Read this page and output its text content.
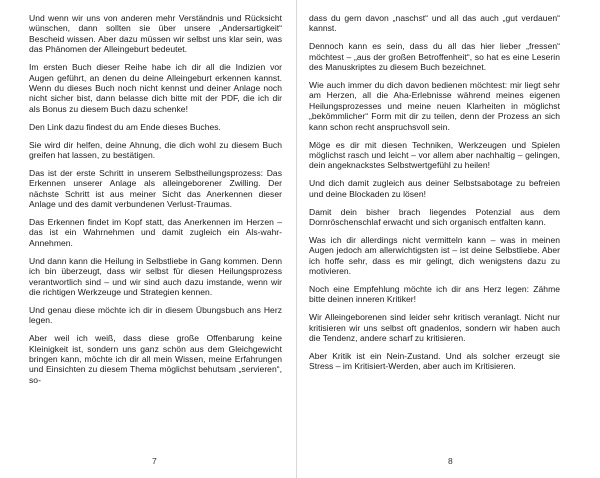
Und wenn wir uns von anderen mehr Verständnis und Rücksicht wünschen, dann sollten sie über unsere „Andersartigkeit“ Bescheid wissen. Aber dazu müssen wir selbst uns klar sein, was das Phänomen der Alleingeburt bedeutet.

Im ersten Buch dieser Reihe habe ich dir all die Indizien vor Augen geführt, an denen du deine Alleingeburt erkennen kannst. Wenn du dieses Buch noch nicht kennst und deiner Anlage noch nicht sicher bist, dann belasse dich bitte mit der PDF, die ich dir als Bonus zu diesem Buch dazu schenke!

Den Link dazu findest du am Ende dieses Buches.

Sie wird dir helfen, deine Ahnung, die dich wohl zu diesem Buch greifen hat lassen, zu bestätigen.

Das ist der erste Schritt in unserem Selbstheilungsprozess: Das Erkennen unserer Anlage als alleingeborener Zwilling. Der nächste Schritt ist aus meiner Sicht das Anerkennen dieser Anlage und des damit verbundenen Verlust-Traumas.

Das Erkennen findet im Kopf statt, das Anerkennen im Herzen – das ist ein Wahrnehmen und damit zugleich ein Als-wahr-Annehmen.

Und dann kann die Heilung in Selbstliebe in Gang kommen. Denn ich bin überzeugt, dass wir selbst für diesen Heilungsprozess verantwortlich sind – und wir sind auch dazu imstande, wenn wir die richtigen Werkzeuge und Strategien kennen.

Und genau diese möchte ich dir in diesem Übungsbuch ans Herz legen.

Aber weil ich weiß, dass diese große Offenbarung keine Kleinigkeit ist, sondern uns ganz schön aus dem Gleichgewicht bringen kann, möchte ich dir all mein Wissen, meine Erfahrungen und Einsichten zu diesem Thema möglichst behutsam „servieren“, so-

7

dass du gern davon „naschst“ und all das auch „gut verdauen“ kannst.

Dennoch kann es sein, dass du all das hier lieber „fressen“ möchtest – „aus der großen Betroffenheit“, so hat es eine Leserin des Manuskriptes zu diesem Buch bezeichnet.

Wie auch immer du dich davon bedienen möchtest: mir liegt sehr am Herzen, all die Aha-Erlebnisse während meines eigenen Heilungsprozesses und meine neuen Klarheiten in möglichst „bekömmlicher“ Form mit dir zu teilen, denn der Prozess an sich kann schon recht anspruchsvoll sein.

Möge es dir mit diesen Techniken, Werkzeugen und Spielen möglichst rasch und leicht – vor allem aber nachhaltig – gelingen, dein angeknackstes Selbstwertgefühl zu heilen!

Und dich damit zugleich aus deiner Selbstsabotage zu befreien und deine Blockaden zu lösen!

Damit dein bisher brach liegendes Potenzial aus dem Dornröschenschlaf erwacht und sich organisch entfalten kann.

Was ich dir allerdings nicht vermitteln kann – was in meinen Augen jedoch am allerwichtigsten ist – ist deine Selbstliebe. Aber ich hoffe sehr, dass es mir gelingt, dich wenigstens dazu zu motivieren.

Noch eine Empfehlung möchte ich dir ans Herz legen: Zähme bitte deinen inneren Kritiker!

Wir Alleingeborenen sind leider sehr kritisch veranlagt. Nicht nur kritisieren wir uns selbst oft gnadenlos, sondern wir haben auch die Tendenz, andere scharf zu kritisieren.

Aber Kritik ist ein Nein-Zustand. Und als solcher erzeugt sie Stress – im Kritisiert-Werden, aber auch im Kritisieren.

8
